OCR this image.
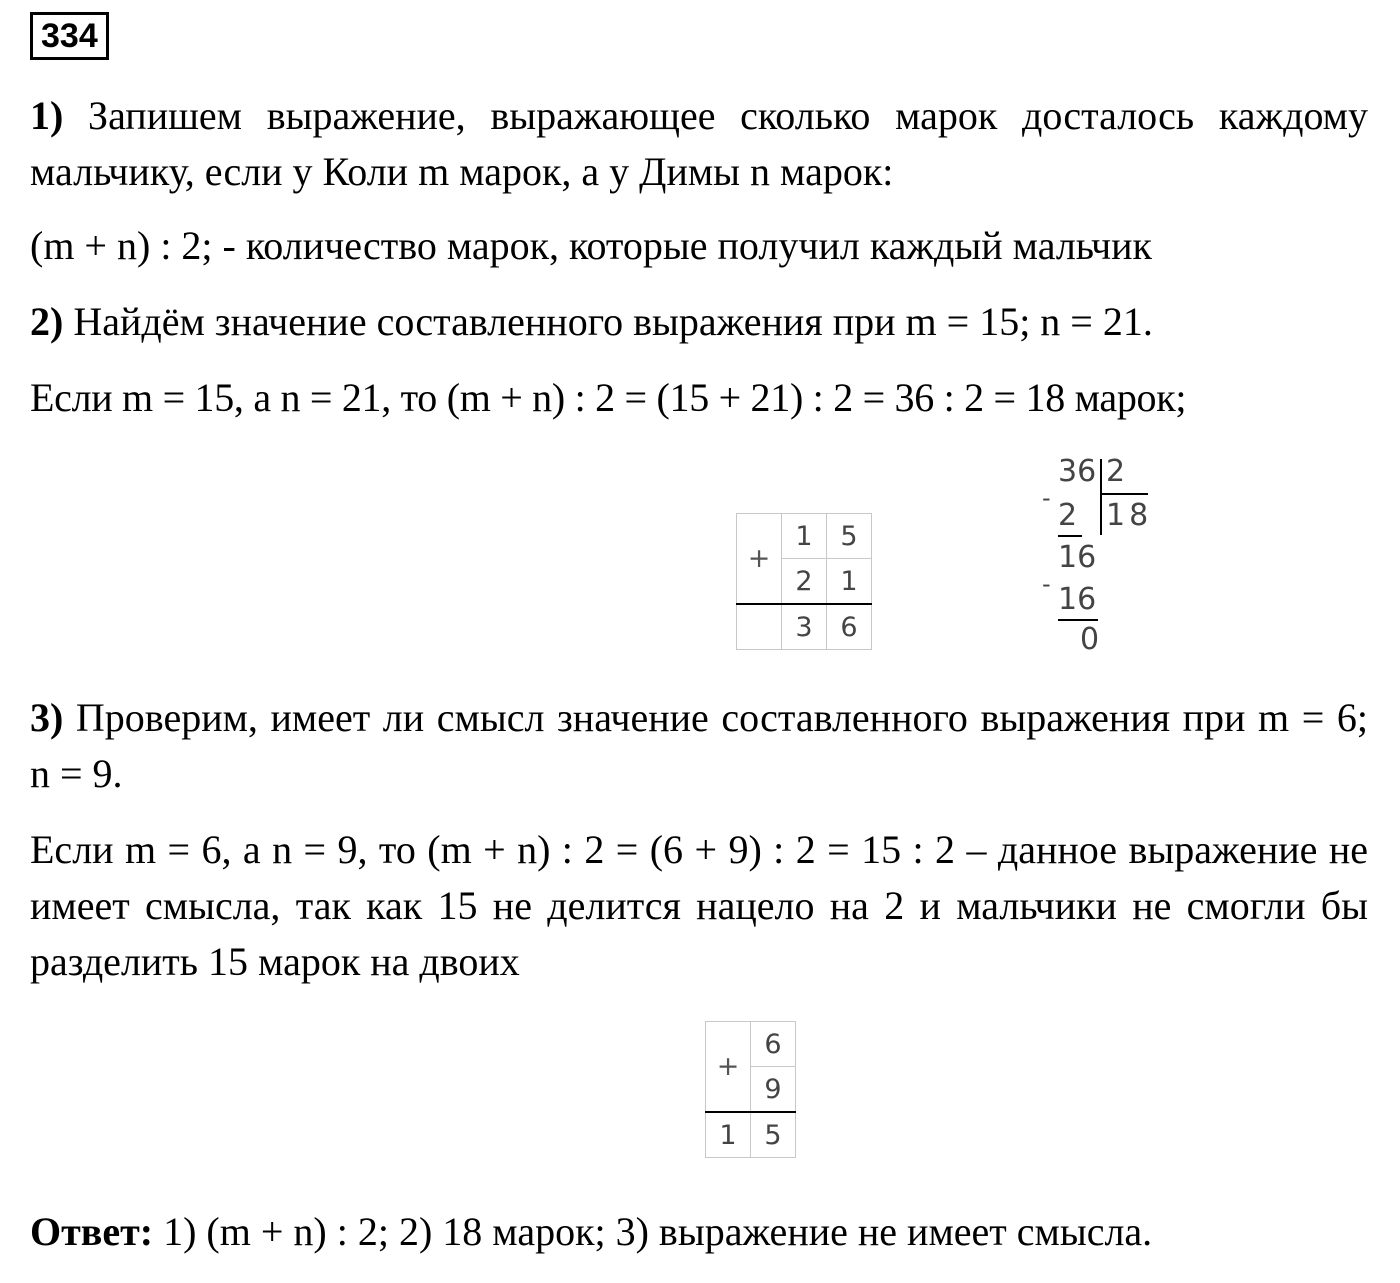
334

1) Запишем выражение, выражающее сколько марок досталось каждому мальчику, если у Коли m марок, а у Димы n марок:

(m + n) : 2; - количество марок, которые получил каждый мальчик

2) Найдём значение составленного выражения при m = 15; n = 21.

Если m = 15, a n = 21, то (m + n) : 2 = (15 + 21) : 2 = 36 : 2 = 18 марок;

+	1	5
	2	1
	3	6
36 2
- 2 18
16
- 16
0

3) Проверим, имеет ли смысл значение составленного выражения при m = 6; n = 9.

Если m = 6, a n = 9, то (m + n) : 2 = (6 + 9) : 2 = 15 : 2 – данное выражение не имеет смысла, так как 15 не делится нацело на 2 и мальчики не смогли бы разделить 15 марок на двоих

+	6
	9
1	5

Ответ: 1) (m + n) : 2; 2) 18 марок; 3) выражение не имеет смысла.
